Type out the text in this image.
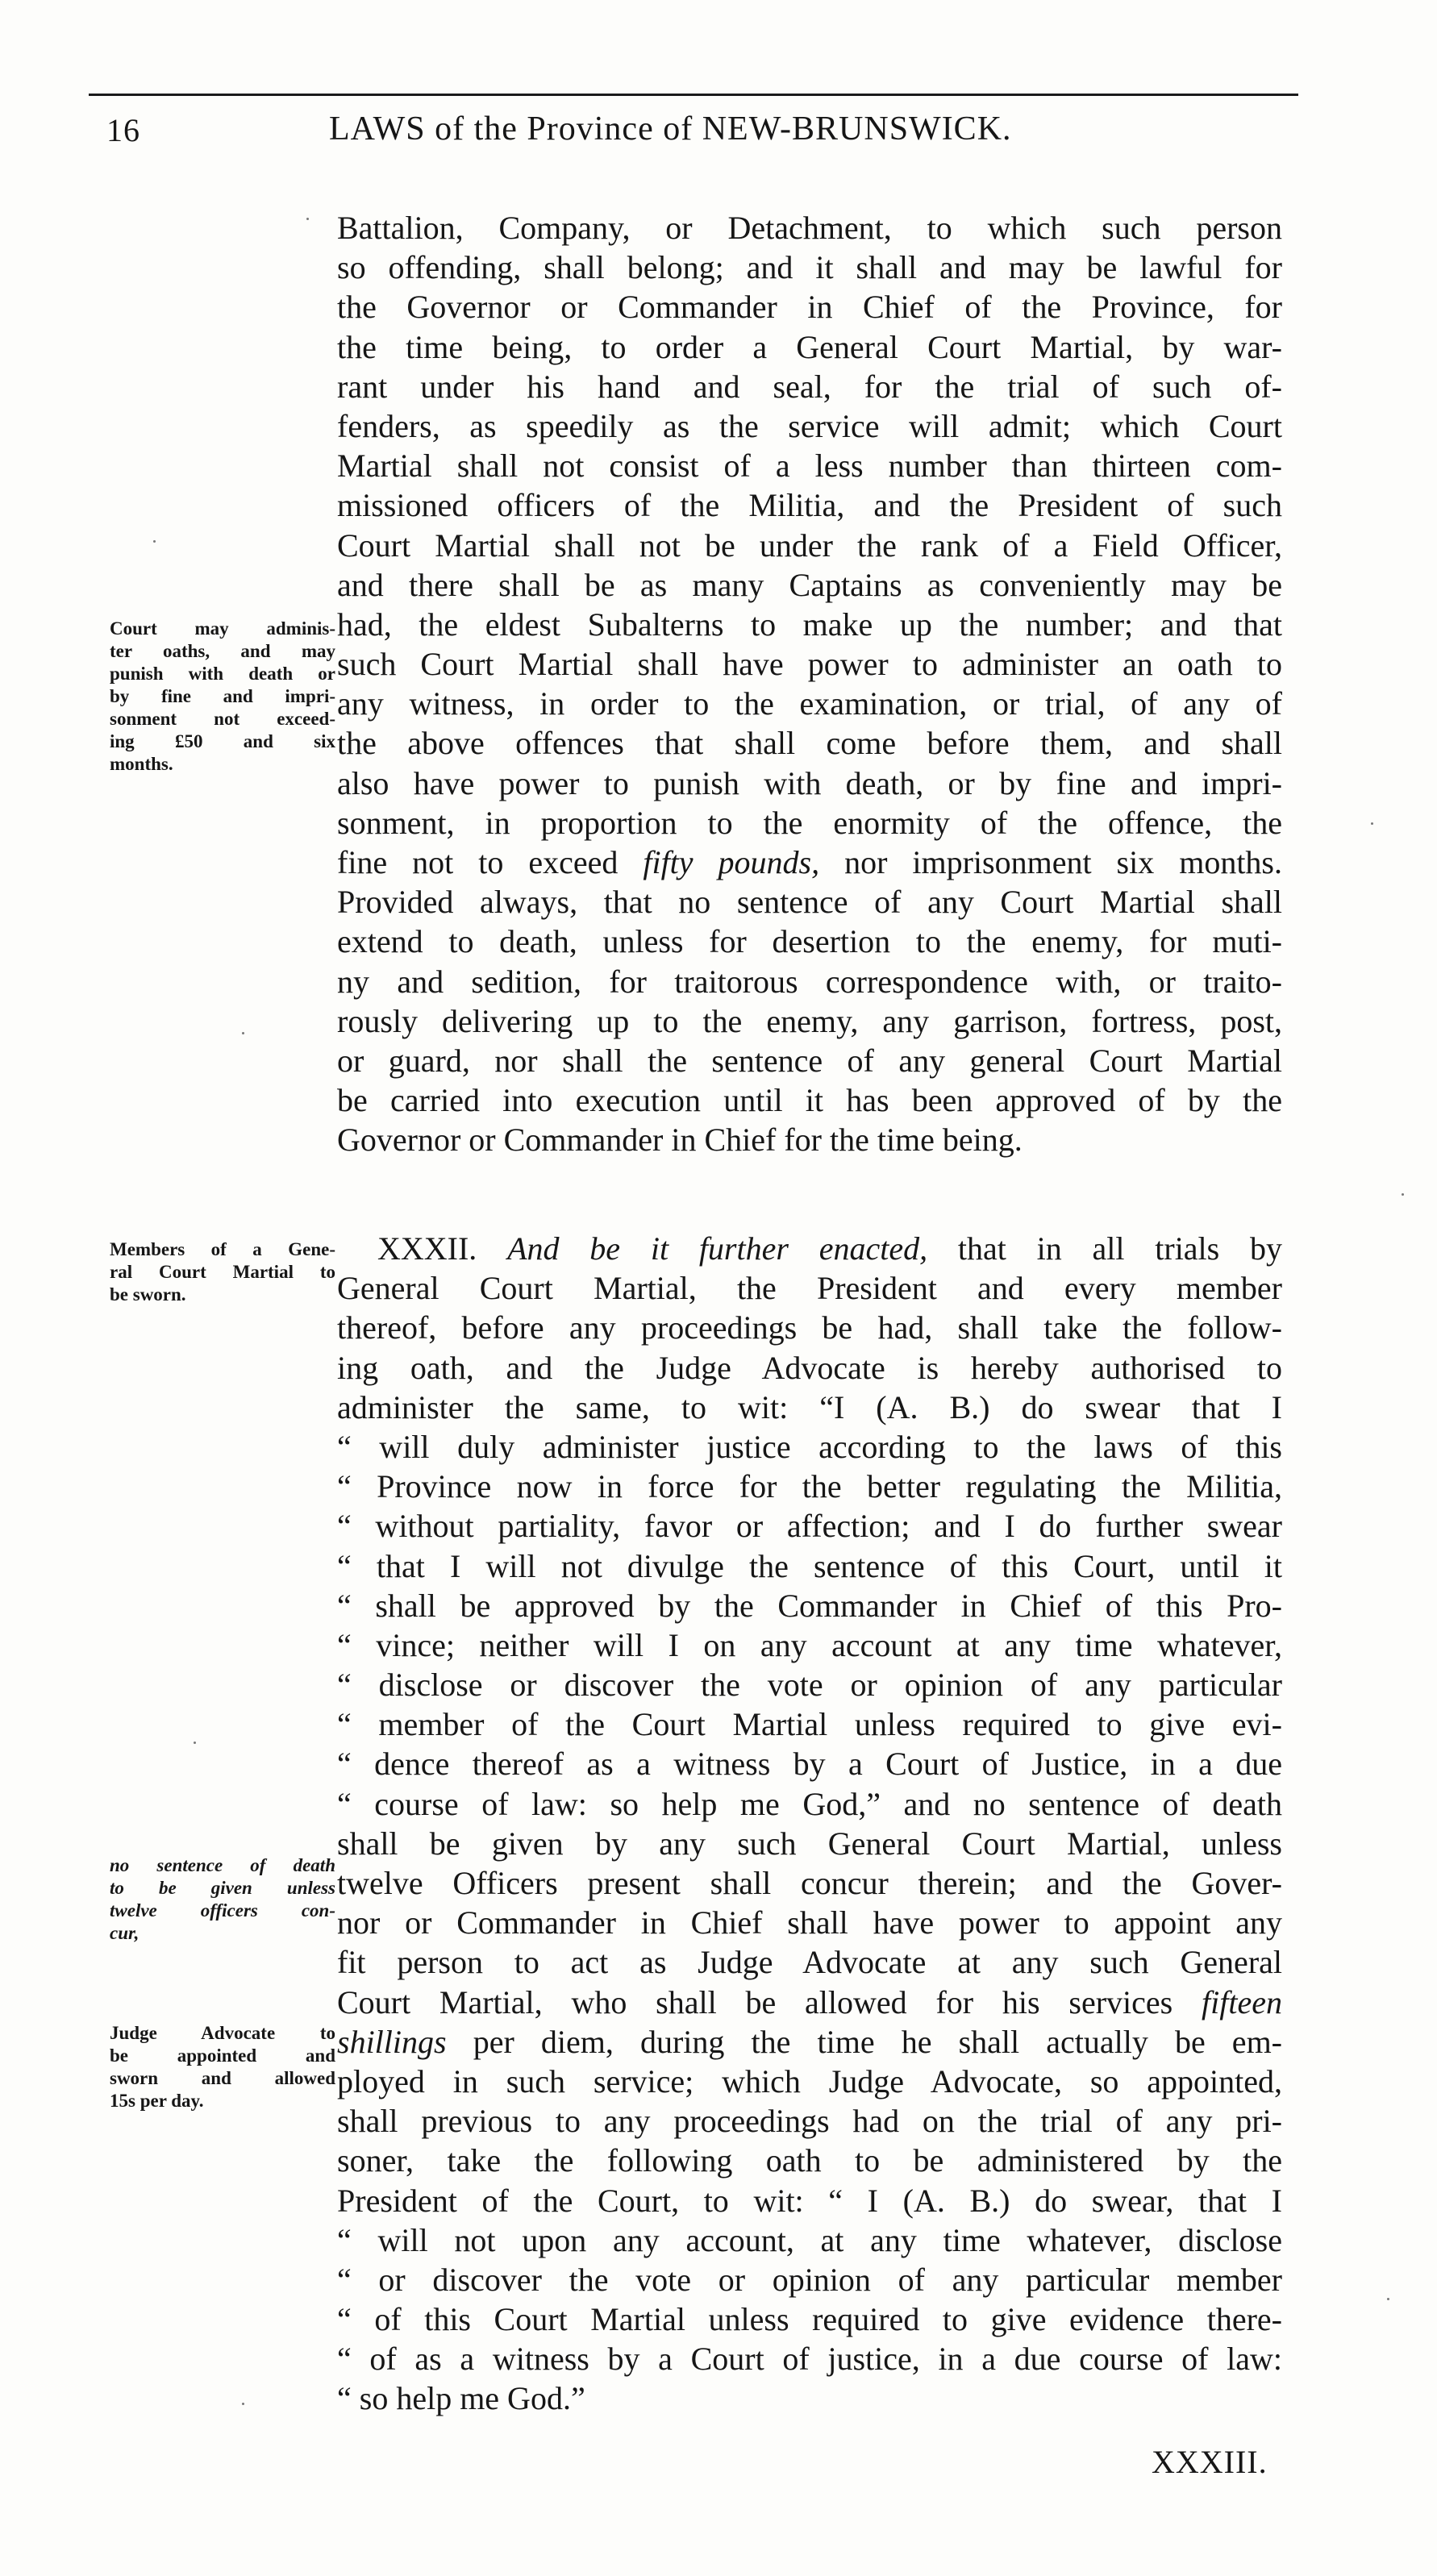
16	LAWS of the Province of NEW-BRUNSWICK.
Court may adminis-
ter oaths, and may
punish with death or
by fine and impri-
sonment not exceed-
ing £50 and six
months.
Members of a Gene-
ral Court Martial to
be sworn.
no sentence of death
to be given unless
twelve officers con-
cur,
Judge Advocate to
be appointed and
sworn and allowed
15s per day.
Battalion, Company, or Detachment, to which such person
so offending, shall belong; and it shall and may be lawful for
the Governor or Commander in Chief of the Province, for
the time being, to order a General Court Martial, by war-
rant under his hand and seal, for the trial of such of-
fenders, as speedily as the service will admit; which Court
Martial shall not consist of a less number than thirteen com-
missioned officers of the Militia, and the President of such
Court Martial shall not be under the rank of a Field Officer,
and there shall be as many Captains as conveniently may be
had, the eldest Subalterns to make up the number; and that
such Court Martial shall have power to administer an oath to
any witness, in order to the examination, or trial, of any of
the above offences that shall come before them, and shall
also have power to punish with death, or by fine and impri-
sonment, in proportion to the enormity of the offence, the
fine not to exceed fifty pounds, nor imprisonment six months.
Provided always, that no sentence of any Court Martial shall
extend to death, unless for desertion to the enemy, for muti-
ny and sedition, for traitorous correspondence with, or traito-
rously delivering up to the enemy, any garrison, fortress, post,
or guard, nor shall the sentence of any general Court Martial
be carried into execution until it has been approved of by the
Governor or Commander in Chief for the time being.
XXXII. And be it further enacted, that in all trials by
General Court Martial, the President and every member
thereof, before any proceedings be had, shall take the follow-
ing oath, and the Judge Advocate is hereby authorised to
administer the same, to wit: “I (A. B.) do swear that I
“ will duly administer justice according to the laws of this
“ Province now in force for the better regulating the Militia,
“ without partiality, favor or affection; and I do further swear
“ that I will not divulge the sentence of this Court, until it
“ shall be approved by the Commander in Chief of this Pro-
“ vince; neither will I on any account at any time whatever,
“ disclose or discover the vote or opinion of any particular
“ member of the Court Martial unless required to give evi-
“ dence thereof as a witness by a Court of Justice, in a due
“ course of law: so help me God,” and no sentence of death
shall be given by any such General Court Martial, unless
twelve Officers present shall concur therein; and the Gover-
nor or Commander in Chief shall have power to appoint any
fit person to act as Judge Advocate at any such General
Court Martial, who shall be allowed for his services fifteen
shillings per diem, during the time he shall actually be em-
ployed in such service; which Judge Advocate, so appointed,
shall previous to any proceedings had on the trial of any pri-
soner, take the following oath to be administered by the
President of the Court, to wit: “ I (A. B.) do swear, that I
“ will not upon any account, at any time whatever, disclose
“ or discover the vote or opinion of any particular member
“ of this Court Martial unless required to give evidence there-
“ of as a witness by a Court of justice, in a due course of law:
“ so help me God.”
XXXIII.
